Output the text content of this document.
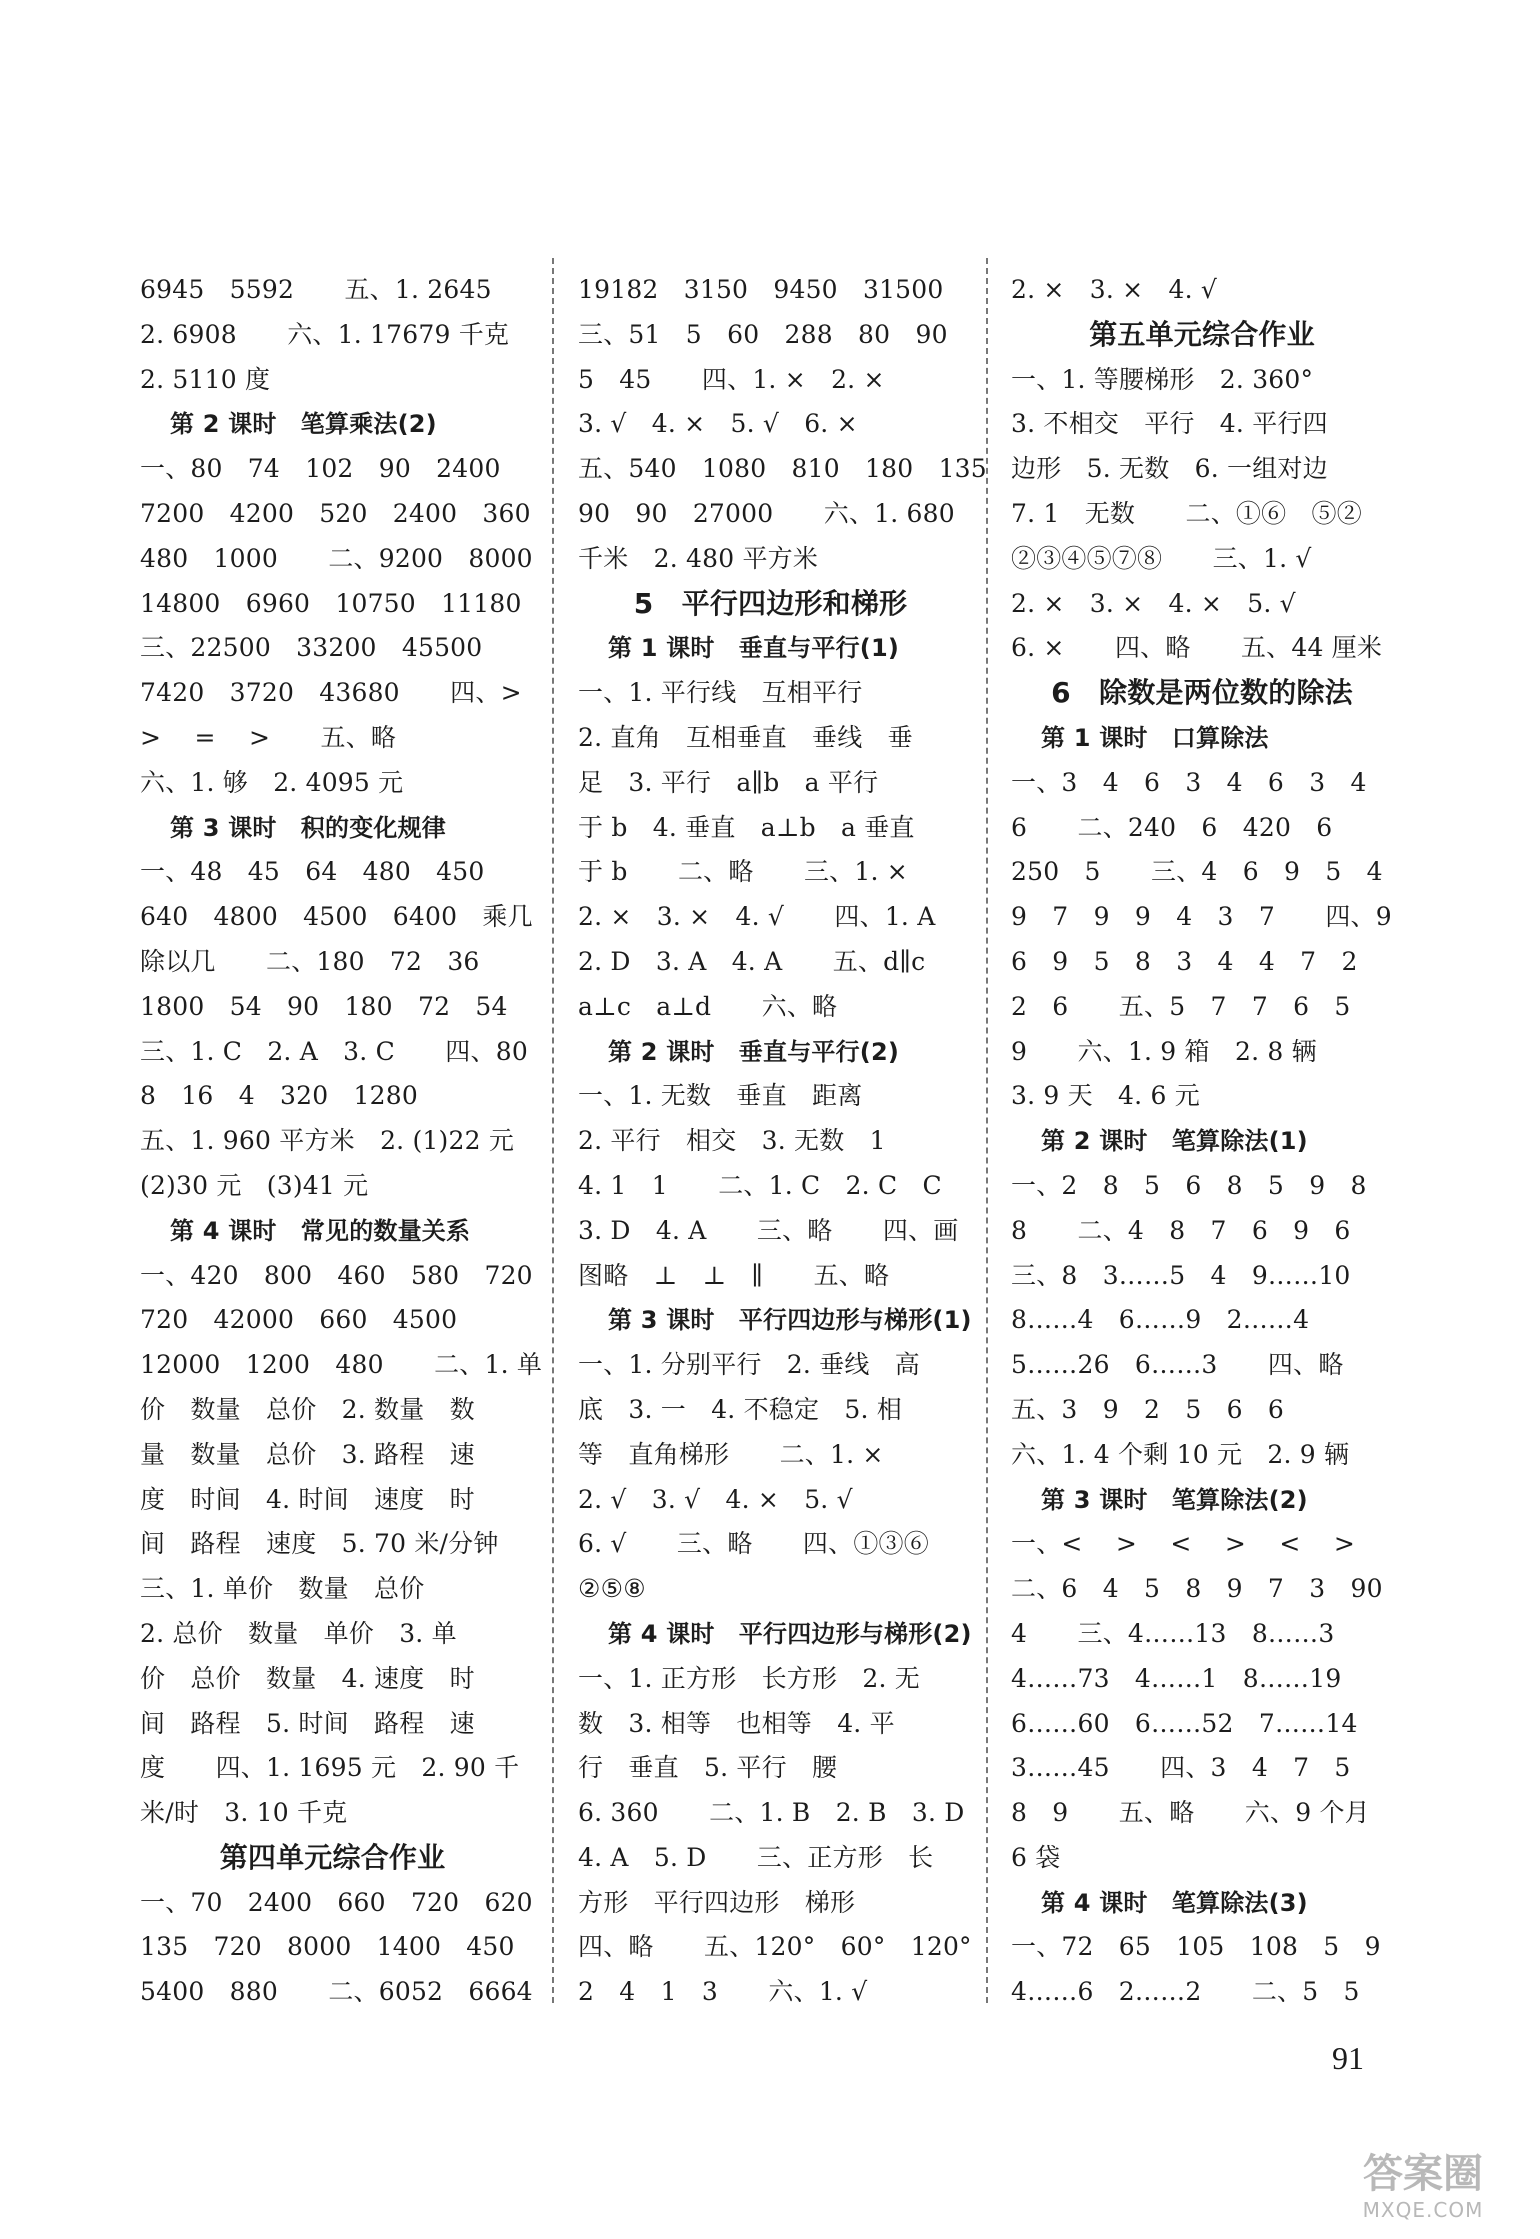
6945　5592　　五、1. 2645
2. 6908　　六、1. 17679 千克
2. 5110 度
第 2 课时　笔算乘法(2)
一、80　74　102　90　2400
7200　4200　520　2400　360
480　1000　　二、9200　8000
14800　6960　10750　11180
三、22500　33200　45500
7420　3720　43680　　四、>
>　 =　 >　　五、略
六、1. 够　2. 4095 元
第 3 课时　积的变化规律
一、48　45　64　480　450
640　4800　4500　6400　乘几
除以几　　二、180　72　36
1800　54　90　180　72　54
三、1. C　2. A　3. C　　四、80
8　16　4　320　1280
五、1. 960 平方米　2. (1)22 元
(2)30 元　(3)41 元
第 4 课时　常见的数量关系
一、420　800　460　580　720
720　42000　660　4500
12000　1200　480　　二、1. 单
价　数量　总价　2. 数量　数
量　数量　总价　3. 路程　速
度　时间　4. 时间　速度　时
间　路程　速度　5. 70 米/分钟
三、1. 单价　数量　总价
2. 总价　数量　单价　3. 单
价　总价　数量　4. 速度　时
间　路程　5. 时间　路程　速
度　　四、1. 1695 元　2. 90 千
米/时　3. 10 千克
第四单元综合作业
一、70　2400　660　720　620
135　720　8000　1400　450
5400　880　　二、6052　6664
19182　3150　9450　31500
三、51　5　60　288　80　90
5　45　　四、1. ×　2. ×
3. √　4. ×　5. √　6. ×
五、540　1080　810　180　135
90　90　27000　　六、1. 680
千米　2. 480 平方米
5　平行四边形和梯形
第 1 课时　垂直与平行(1)
一、1. 平行线　互相平行
2. 直角　互相垂直　垂线　垂
足　3. 平行　a∥b　a 平行
于 b　4. 垂直　a⊥b　a 垂直
于 b　　二、略　　三、1. ×
2. ×　3. ×　4. √　　四、1. A
2. D　3. A　4. A　　五、d∥c
a⊥c　a⊥d　　六、略
第 2 课时　垂直与平行(2)
一、1. 无数　垂直　距离
2. 平行　相交　3. 无数　1
4. 1　1　　二、1. C　2. C　C
3. D　4. A　　三、略　　四、画
图略　⊥　⊥　∥　　五、略
第 3 课时　平行四边形与梯形(1)
一、1. 分别平行　2. 垂线　高
底　3. 一　4. 不稳定　5. 相
等　直角梯形　　二、1. ×
2. √　3. √　4. ×　5. √
6. √　　三、略　　四、①③⑥
②⑤⑧
第 4 课时　平行四边形与梯形(2)
一、1. 正方形　长方形　2. 无
数　3. 相等　也相等　4. 平
行　垂直　5. 平行　腰
6. 360　　二、1. B　2. B　3. D
4. A　5. D　　三、正方形　长
方形　平行四边形　梯形
四、略　　五、120°　60°　120°
2　4　1　3　　六、1. √
2. ×　3. ×　4. √
第五单元综合作业
一、1. 等腰梯形　2. 360°
3. 不相交　平行　4. 平行四
边形　5. 无数　6. 一组对边
7. 1　无数　　二、①⑥　⑤②
②③④⑤⑦⑧　　三、1. √
2. ×　3. ×　4. ×　5. √
6. ×　　四、略　　五、44 厘米
6　除数是两位数的除法
第 1 课时　口算除法
一、3　4　6　3　4　6　3　4
6　　二、240　6　420　6
250　5　　三、4　6　9　5　4
9　7　9　9　4　3　7　　四、9
6　9　5　8　3　4　4　7　2
2　6　　五、5　7　7　6　5
9　　六、1. 9 箱　2. 8 辆
3. 9 天　4. 6 元
第 2 课时　笔算除法(1)
一、2　8　5　6　8　5　9　8
8　　二、4　8　7　6　9　6
三、8　3……5　4　9……10
8……4　6……9　2……4
5……26　6……3　　四、略
五、3　9　2　5　6　6
六、1. 4 个剩 10 元　2. 9 辆
第 3 课时　笔算除法(2)
一、<　 >　 <　 >　 <　 >
二、6　4　5　8　9　7　3　90
4　　三、4……13　8……3
4……73　4……1　8……19
6……60　6……52　7……14
3……45　　四、3　4　7　5
8　9　　五、略　　六、9 个月
6 袋
第 4 课时　笔算除法(3)
一、72　65　105　108　5　9
4……6　2……2　　二、5　5
91
答案圈
MXQE.COM
